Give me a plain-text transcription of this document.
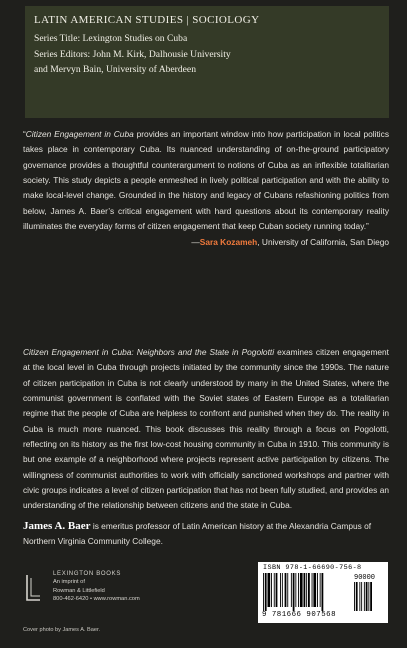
LATIN AMERICAN STUDIES | SOCIOLOGY
Series Title: Lexington Studies on Cuba
Series Editors: John M. Kirk, Dalhousie University
and Mervyn Bain, University of Aberdeen

“Citizen Engagement in Cuba provides an important window into how participation in local politics takes place in contemporary Cuba. Its nuanced understanding of on-the-ground participatory governance provides a thoughtful counterargument to notions of Cuba as an inflexible totalitarian society. This study depicts a people enmeshed in lively political participation and with the ability to make local-level change. Grounded in the history and legacy of Cubans refashioning politics from below, James A. Baer’s critical engagement with hard questions about its contemporary reality illuminates the everyday forms of citizen engagement that keep Cuban society running today.”

—Sara Kozameh, University of California, San Diego

Citizen Engagement in Cuba: Neighbors and the State in Pogolotti examines citizen engagement at the local level in Cuba through projects initiated by the community since the 1990s. The nature of citizen participation in Cuba is not clearly understood by many in the United States, where the communist government is conflated with the Soviet states of Eastern Europe as a totalitarian regime that the people of Cuba are helpless to confront and punished when they do. The reality in Cuba is much more nuanced. This book discusses this reality through a focus on Pogolotti, reflecting on its history as the first low-cost housing community in Cuba in 1910. This community is but one example of a neighborhood where projects represent active participation by citizens. The willingness of communist authorities to work with officially sanctioned workshops and partner with civic groups indicates a level of citizen participation that has not been fully studied, and provides an understanding of the relationship between citizens and the state in Cuba.

James A. Baer is emeritus professor of Latin American history at the Alexandria Campus of Northern Virginia Community College.
LEXINGTON BOOKS
An imprint of
Rowman & Littlefield
800-462-6420 • www.rowman.com
Cover photo by James A. Baer.
ISBN 978-1-66690-756-8
90000
9 781666 907568
